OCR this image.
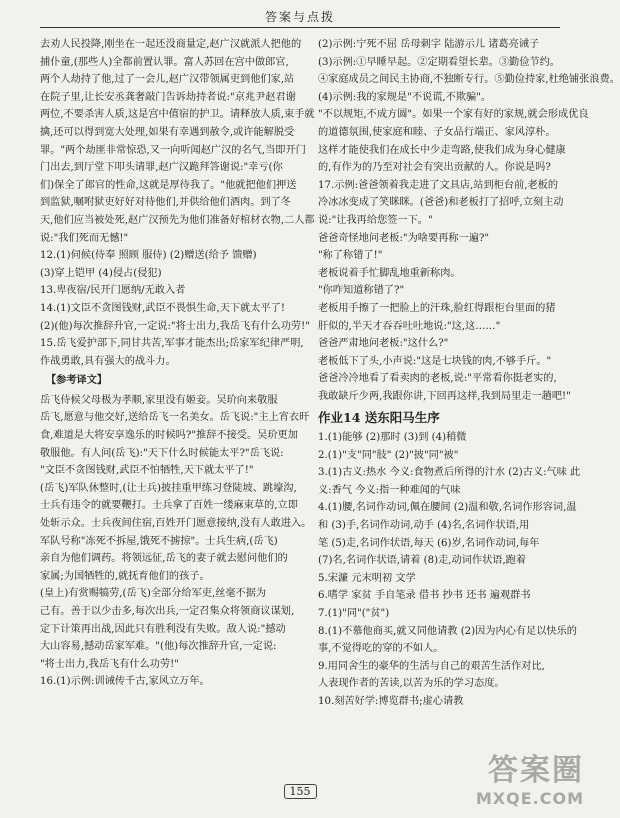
答案与点拨
去劝人民投降,刚坐在一起还没商量定,赵广汉就派人把他的
捕仆童,(那些人)全都前置认罪。富人苏回在宫中做郎官,
两个人劫持了他,过了一会儿,赵广汉带领属吏到他们家,站
在院子里,让长安丞龚奢敲门告诉劫持者说:"京兆尹赵君谢
两位,不要杀害人质,这是宫中值宿的护卫。请释放人质,束手就
擒,还可以得到宽大处理,如果有幸遇到赦令,或许能解脱受
罪。"两个劫匪非常惊恐,又一向听闻赵广汉的名气,当即开门
门出去,到厅堂下叩头请罪,赵广汉跪拜答谢说:"幸亏(你
们)保全了郎官的性命,这就是厚待我了。"他就把他们押送
到监狱,嘱咐狱吏好好对待他们,并供给他们酒肉。到了冬
天,他们应当被处死,赵广汉预先为他们准备好棺材衣物,二人都
说:"我们死而无憾!"
12.(1)伺候(侍奉 照顾 服侍) (2)赠送(给予 馈赠)
(3)穿上铠甲 (4)侵占(侵犯)
13.卑夜宿/民开门愿纳/无敢入者
14.(1)文臣不贪图钱财,武臣不畏惧生命,天下就太平了!
(2)(他)每次推辞升官,一定说:"将士出力,我岳飞有什么功劳!"
15.岳飞爱护部下,同甘共苦,军事才能杰出;岳家军纪律严明,
作战勇敢,具有强大的战斗力。
【参考译文】
岳飞侍候父母极为孝顺,家里没有姬妾。吴玠向来敬服
岳飞,愿意与他交好,送给岳飞一名美女。岳飞说:"主上宵衣旰
食,难道是大将安享逸乐的时候吗?"推辞不接受。吴玠更加
敬服他。有人问(岳飞):"天下什么时候能太平?"岳飞说:
"文臣不贪图钱财,武臣不怕牺牲,天下就太平了!"
(岳飞)军队休整时,(让士兵)披挂重甲练习登陡坡、跳壕沟,
士兵有违令的就要鞭打。士兵拿了百姓一缕麻束草的,立即
处斩示众。士兵夜间住宿,百姓开门愿意接纳,没有人敢进入。
军队号称"冻死不拆屋,饿死不掳掠"。士兵生病,(岳飞)
亲自为他们调药。将领远征,岳飞的妻子就去慰问他们的
家属;为国牺牲的,就抚育他们的孩子。
(皇上)有赏赐犒劳,(岳飞)全部分给军吏,丝毫不据为
己有。善于以少击多,每次出兵,一定召集众将领商议谋划,
定下计策再出战,因此只有胜利没有失败。敌人说:"撼动
大山容易,撼动岳家军难。"(他)每次推辞升官,一定说:
"将士出力,我岳飞有什么功劳!"
16.(1)示例:训诫传千古,家风立万年。
(2)示例:宁死不屈 岳母刺字 陆游示儿 诸葛亮诫子
(3)示例:①早睡早起。②定期看望长辈。③勤俭节约。
④家庭成员之间民主协商,不独断专行。⑤勤俭持家,杜绝铺张浪费。
(4)示例:我的家规是"不说谎,不欺骗"。
"不以规矩,不成方圆"。如果一个家有好的家规,就会形成优良
的道德氛围,使家庭和睦、子女品行端正、家风淳朴。
这样才能使我们在成长中少走弯路,使我们成为身心健康
的,有作为的乃至对社会有突出贡献的人。你说是吗?
17.示例:爸爸领着我走进了文具店,站到柜台前,老板的
冷冰冰变成了笑眯眯。(爸爸)和老板打了招呼,立刻主动
说:"让我再给您签一下。"
爸爸奇怪地问老板:"为啥要再称一遍?"
"称了称错了!"
老板说着手忙脚乱地重新称肉。
"你咋知道称错了?"
老板用手擦了一把脸上的汗珠,脸红得跟柜台里面的猪
肝似的,半天才吞吞吐吐地说:"这,这……"
爸爸严肃地问老板:"这什么?"
老板低下了头,小声说:"这是七块钱的肉,不够手斤。"
爸爸冷冷地看了看卖肉的老板,说:"平常看你挺老实的,
我敢缺斤少两,我跟你讲,下回再这样,我到局里走一趟吧!"
作业14 送东阳马生序
1.(1)能够 (2)那时 (3)到 (4)稍微
2.(1)"支"同"肢" (2)"披"同"被"
3.(1)古义:热水 今义:食物煮后所得的汁水 (2)古义:气味 此
义:香气 今义:指一种难闻的气味
4.(1)腰,名词作动词,佩在腰间 (2)温和敬,名词作形容词,温
和 (3)手,名词作动词,动手 (4)名,名词作状语,用
笔 (5)走,名词作状语,每天 (6)岁,名词作动词,每年
(7)名,名词作状语,请着 (8)走,动词作状语,跑着
5.宋濂 元末明初 文学
6.嗜学 家贫 手自笔录 借书 抄书 还书 遍观群书
7.(1)"同"("贫")
8.(1)不慕他商买,就又同他请教 (2)因为内心有足以快乐的
事,不觉得吃的穿的不如人。
9.用同舍生的豪华的生活与自己的艰苦生活作对比,
人表现作者的苦读,以苦为乐的学习态度。
10.刻苦好学:博览群书;虚心请教
155
答案圈
MXQE.COM
